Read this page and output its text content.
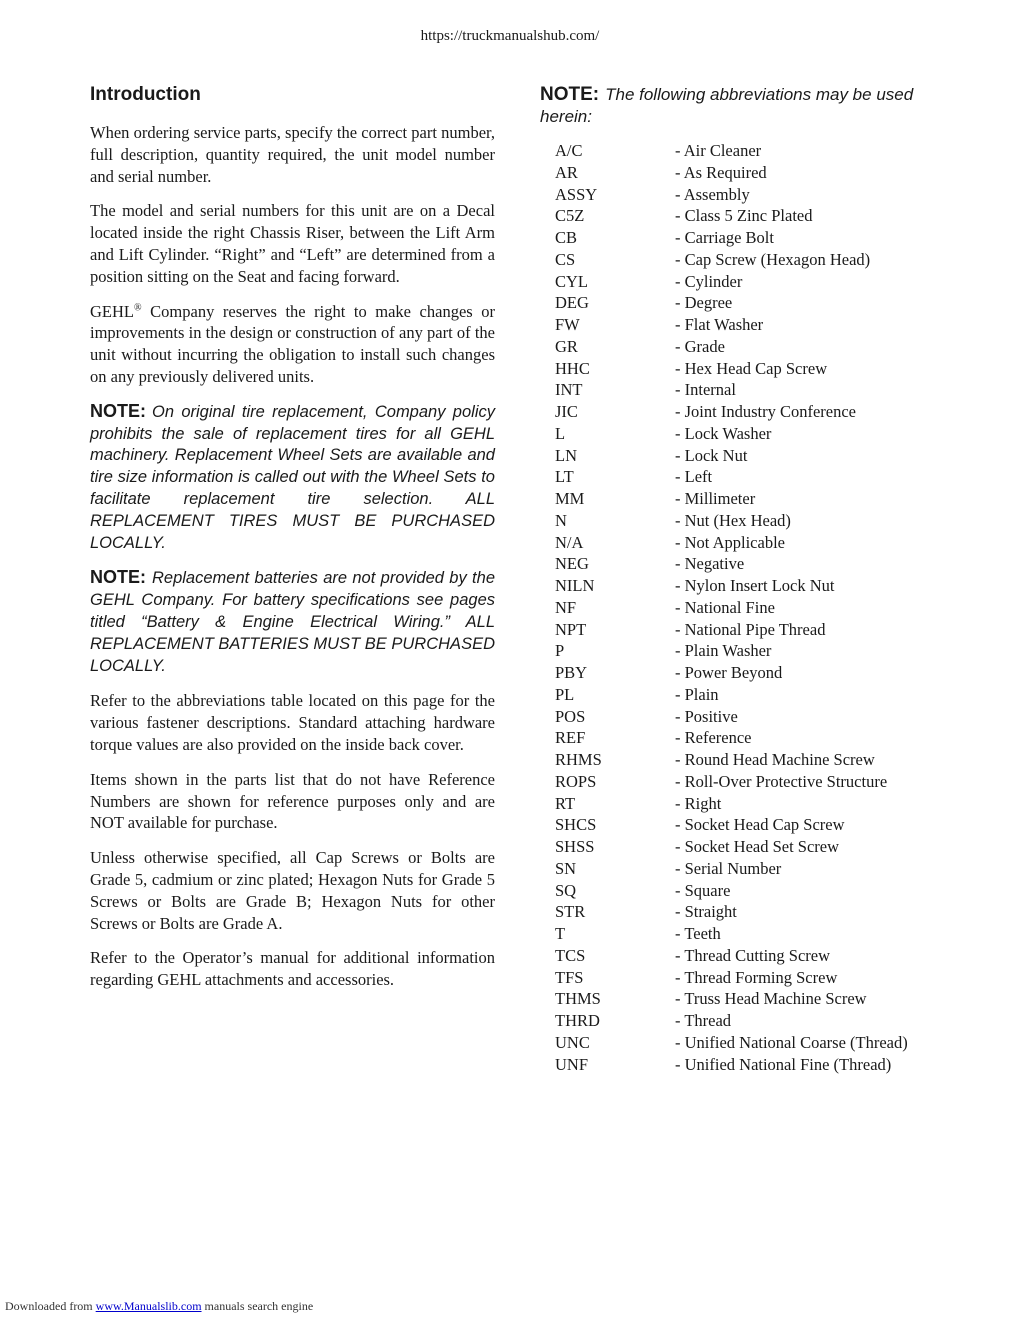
https://truckmanualshub.com/
Introduction

When ordering service parts, specify the correct part number, full description, quantity required, the unit model number and serial number.

The model and serial numbers for this unit are on a Decal located inside the right Chassis Riser, between the Lift Arm and Lift Cylinder. “Right” and “Left” are determined from a position sitting on the Seat and facing forward.

GEHL® Company reserves the right to make changes or improvements in the design or construction of any part of the unit without incurring the obligation to install such changes on any previously delivered units.

NOTE: On original tire replacement, Company policy prohibits the sale of replacement tires for all GEHL machinery. Replacement Wheel Sets are available and tire size information is called out with the Wheel Sets to facilitate replacement tire selection. ALL REPLACEMENT TIRES MUST BE PURCHASED LOCALLY.

NOTE: Replacement batteries are not provided by the GEHL Company. For battery specifications see pages titled “Battery & Engine Electrical Wiring.” ALL REPLACEMENT BATTERIES MUST BE PURCHASED LOCALLY.

Refer to the abbreviations table located on this page for the various fastener descriptions. Standard attaching hardware torque values are also provided on the inside back cover.

Items shown in the parts list that do not have Reference Numbers are shown for reference purposes only and are NOT available for purchase.

Unless otherwise specified, all Cap Screws or Bolts are Grade 5, cadmium or zinc plated; Hexagon Nuts for Grade 5 Screws or Bolts are Grade B; Hexagon Nuts for other Screws or Bolts are Grade A.

Refer to the Operator’s manual for additional information regarding GEHL attachments and accessories.

NOTE: The following abbreviations may be used herein:

A/C	- Air Cleaner
AR	- As Required
ASSY	- Assembly
C5Z	- Class 5 Zinc Plated
CB	- Carriage Bolt
CS	- Cap Screw (Hexagon Head)
CYL	- Cylinder
DEG	- Degree
FW	- Flat Washer
GR	- Grade
HHC	- Hex Head Cap Screw
INT	- Internal
JIC	- Joint Industry Conference
L	- Lock Washer
LN	- Lock Nut
LT	- Left
MM	- Millimeter
N	- Nut (Hex Head)
N/A	- Not Applicable
NEG	- Negative
NILN	- Nylon Insert Lock Nut
NF	- National Fine
NPT	- National Pipe Thread
P	- Plain Washer
PBY	- Power Beyond
PL	- Plain
POS	- Positive
REF	- Reference
RHMS	- Round Head Machine Screw
ROPS	- Roll-Over Protective Structure
RT	- Right
SHCS	- Socket Head Cap Screw
SHSS	- Socket Head Set Screw
SN	- Serial Number
SQ	- Square
STR	- Straight
T	- Teeth
TCS	- Thread Cutting Screw
TFS	- Thread Forming Screw
THMS	- Truss Head Machine Screw
THRD	- Thread
UNC	- Unified National Coarse (Thread)
UNF	- Unified National Fine (Thread)
Downloaded from www.Manualslib.com manuals search engine
